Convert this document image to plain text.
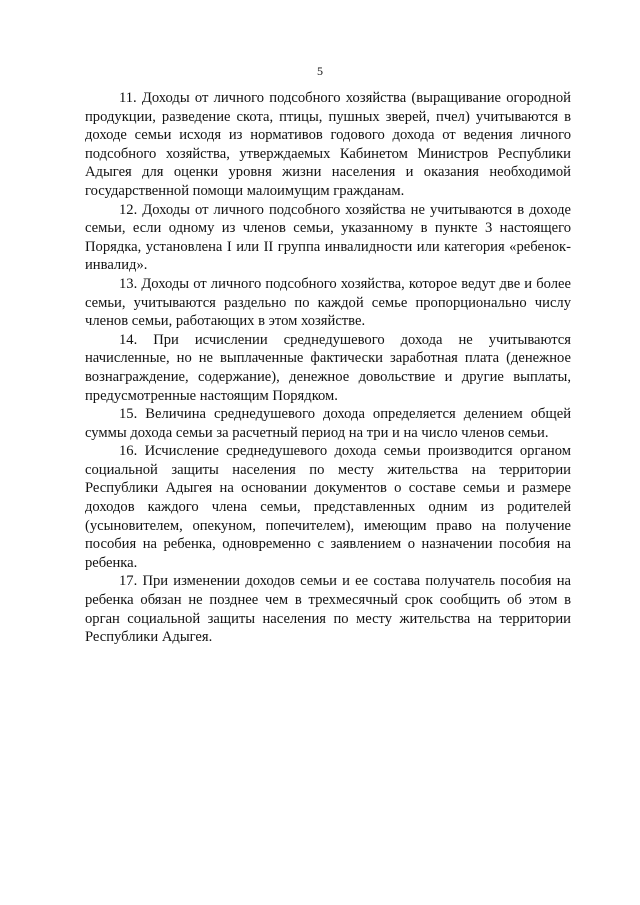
5

11. Доходы от личного подсобного хозяйства (выращивание огородной продукции, разведение скота, птицы, пушных зверей, пчел) учитываются в доходе семьи исходя из нормативов годового дохода от ведения личного подсобного хозяйства, утверждаемых Кабинетом Министров Республики Адыгея для оценки уровня жизни населения и оказания необходимой государственной помощи малоимущим гражданам.

12. Доходы от личного подсобного хозяйства не учитываются в доходе семьи, если одному из членов семьи, указанному в пункте 3 настоящего Порядка, установлена I или II группа инвалидности или категория «ребенок-инвалид».

13. Доходы от личного подсобного хозяйства, которое ведут две и более семьи, учитываются раздельно по каждой семье пропорционально числу членов семьи, работающих в этом хозяйстве.

14. При исчислении среднедушевого дохода не учитываются начисленные, но не выплаченные фактически заработная плата (денежное вознаграждение, содержание), денежное довольствие и другие выплаты, предусмотренные настоящим Порядком.

15. Величина среднедушевого дохода определяется делением общей суммы дохода семьи за расчетный период на три и на число членов семьи.

16. Исчисление среднедушевого дохода семьи производится органом социальной защиты населения по месту жительства на территории Республики Адыгея на основании документов о составе семьи и размере доходов каждого члена семьи, представленных одним из родителей (усыновителем, опекуном, попечителем), имеющим право на получение пособия на ребенка, одновременно с заявлением о назначении пособия на ребенка.

17. При изменении доходов семьи и ее состава получатель пособия на ребенка обязан не позднее чем в трехмесячный срок сообщить об этом в орган социальной защиты населения по месту жительства на территории Республики Адыгея.
